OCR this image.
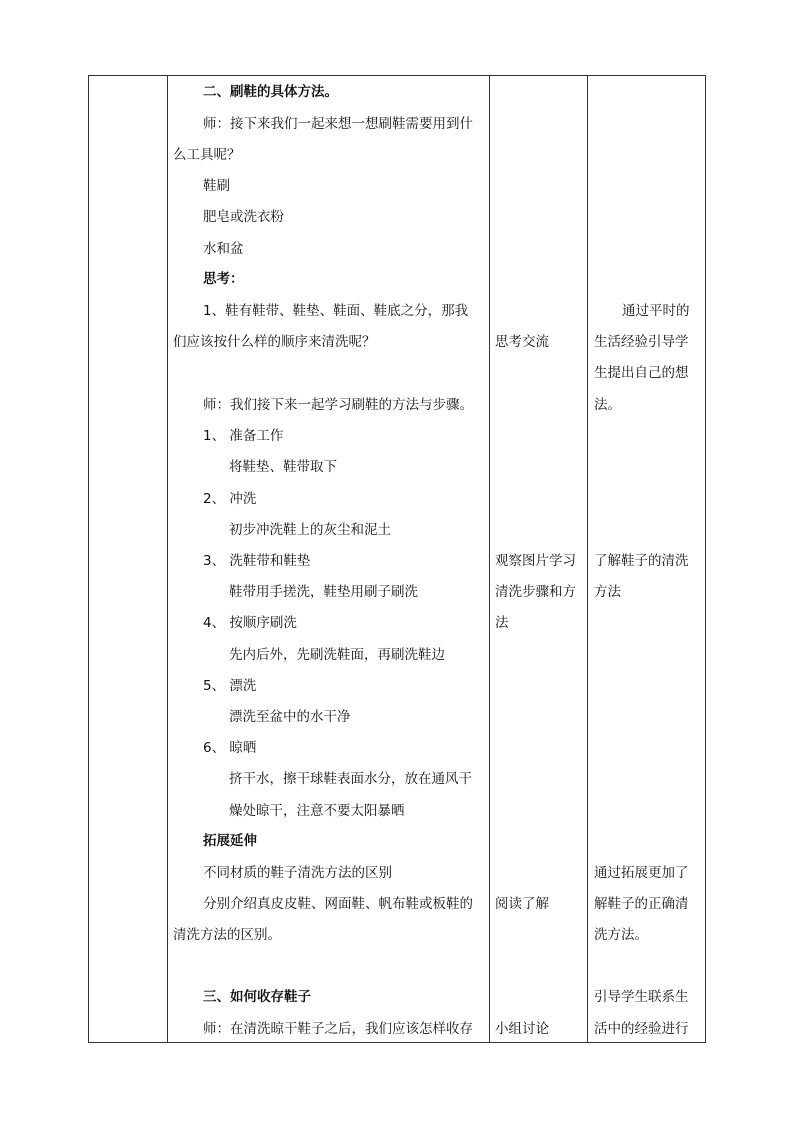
二、刷鞋的具体方法。
师：接下来我们一起来想一想刷鞋需要用到什
么工具呢？
鞋刷
肥皂或洗衣粉
水和盆
思考：
1、鞋有鞋带、鞋垫、鞋面、鞋底之分，那我
们应该按什么样的顺序来清洗呢？
师：我们接下来一起学习刷鞋的方法与步骤。
1、 准备工作
将鞋垫、鞋带取下
2、 冲洗
初步冲洗鞋上的灰尘和泥土
3、 洗鞋带和鞋垫
鞋带用手搓洗，鞋垫用刷子刷洗
4、 按顺序刷洗
先内后外，先刷洗鞋面，再刷洗鞋边
5、 漂洗
漂洗至盆中的水干净
6、 晾晒
挤干水，擦干球鞋表面水分，放在通风干
燥处晾干，注意不要太阳暴晒
拓展延伸
不同材质的鞋子清洗方法的区别
分别介绍真皮皮鞋、网面鞋、帆布鞋或板鞋的
清洗方法的区别。
三、如何收存鞋子
师：在清洗晾干鞋子之后，我们应该怎样收存
思考交流
观察图片学习
清洗步骤和方
法
阅读了解
小组讨论
通过平时的
生活经验引导学
生提出自己的想
法。
了解鞋子的清洗
方法
通过拓展更加了
解鞋子的正确清
洗方法。
引导学生联系生
活中的经验进行
